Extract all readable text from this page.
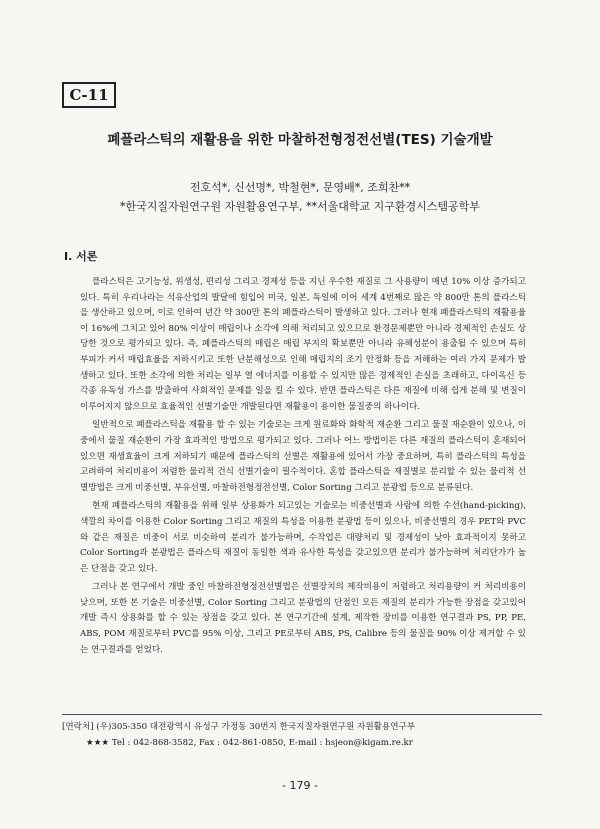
C-11
폐플라스틱의 재활용을 위한 마찰하전형정전선별(TES) 기술개발
전호석*, 신선명*, 박철현*, 문영배*, 조희찬**
*한국지질자원연구원 자원활용연구부, **서울대학교 지구환경시스템공학부
I. 서론

플라스틱은 고기능성, 위생성, 편리성 그리고 경제성 등을 지닌 우수한 재질로 그 사용량이 매년 10% 이상 증가되고 있다. 특히 우리나라는 석유산업의 발달에 힘입어 미국, 일본, 독일에 이어 세계 4번째로 많은 약 800만 톤의 플라스틱을 생산하고 있으며, 이로 인하여 년간 약 300만 톤의 폐플라스틱이 발생하고 있다. 그러나 현재 폐플라스틱의 재활용율이 16%에 그치고 있어 80% 이상이 매립이나 소각에 의해 처리되고 있으므로 환경문제뿐만 아니라 경제적인 손실도 상당한 것으로 평가되고 있다. 즉, 폐플라스틱의 매립은 매립 부지의 확보뿐만 아니라 유해성분이 용출될 수 있으며 특히 부피가 커서 매립효율을 저하시키고 또한 난분해성으로 인해 매립지의 조기 안정화 등을 저해하는 여러 가지 문제가 발생하고 있다. 또한 소각에 의한 처리는 일부 열 에너지를 이용할 수 있지만 많은 경제적인 손실을 초래하고, 다이옥신 등 각종 유독성 가스를 방출하여 사회적인 문제를 일을 킬 수 있다. 반면 플라스틱은 다른 재질에 비해 쉽게 분해 및 변질이 이루어지지 않으므로 효율적인 선별기술만 개발된다면 재활용이 용이한 물질중의 하나이다.

일반적으로 폐플라스틱을 재활용 할 수 있는 기술로는 크게 원료화와 화학적 재순환 그리고 물질 재순환이 있으나, 이 중에서 물질 재순환이 가장 효과적인 방법으로 평가되고 있다. 그러나 어느 방법이든 다른 재질의 플라스틱이 혼재되어 있으면 재생효율이 크게 저하되기 때문에 플라스틱의 선별은 재활용에 있어서 가장 중요하며, 특히 플라스틱의 특성을 고려하여 처리비용이 저렴한 물리적 건식 선별기술이 필수적이다. 혼합 플라스틱을 재질별로 분리할 수 있는 물리적 선별방법은 크게 비중선별, 부유선별, 마찰하전형정전선별, Color Sorting 그리고 분광법 등으로 분류된다.

현재 폐플라스틱의 재활용을 위해 일부 상용화가 되고있는 기술로는 비중선별과 사람에 의한 수선(hand-picking), 색깔의 차이를 이용한 Color Sorting 그리고 재질의 특성을 이용한 분광법 등이 있으나, 비중선별의 경우 PET와 PVC와 같은 재질은 비중이 서로 비슷하여 분리가 불가능하며, 수작업은 대량처리 및 경제성이 낮아 효과적이지 못하고 Color Sorting과 분광법은 플라스틱 재질이 동일한 색과 유사한 특성을 갖고있으면 분리가 불가능하며 처리단가가 높은 단점을 갖고 있다.

그러나 본 연구에서 개발 중인 마찰하전형정전선별법은 선별장치의 제작비용이 저렴하고 처리용량이 커 처리비용이 낮으며, 또한 본 기술은 비중선별, Color Sorting 그리고 분광법의 단점인 모든 재질의 분리가 가능한 장점을 갖고있어 개발 즉시 상용화를 할 수 있는 장점을 갖고 있다. 본 연구기간에 설계, 제작한 장비를 이용한 연구결과 PS, PP, PE, ABS, POM 재질로부터 PVC를 95% 이상, 그리고 PE로부터 ABS, PS, Calibre 등의 물질을 90% 이상 제거할 수 있는 연구결과를 얻었다.

[연락처] (우)305-350 대전광역시 유성구 가정동 30번지 한국지질자원연구원 자원활용연구부
★★★ Tel : 042-868-3582, Fax : 042-861-0850, E-mail : hsjeon@kigam.re.kr
- 179 -
